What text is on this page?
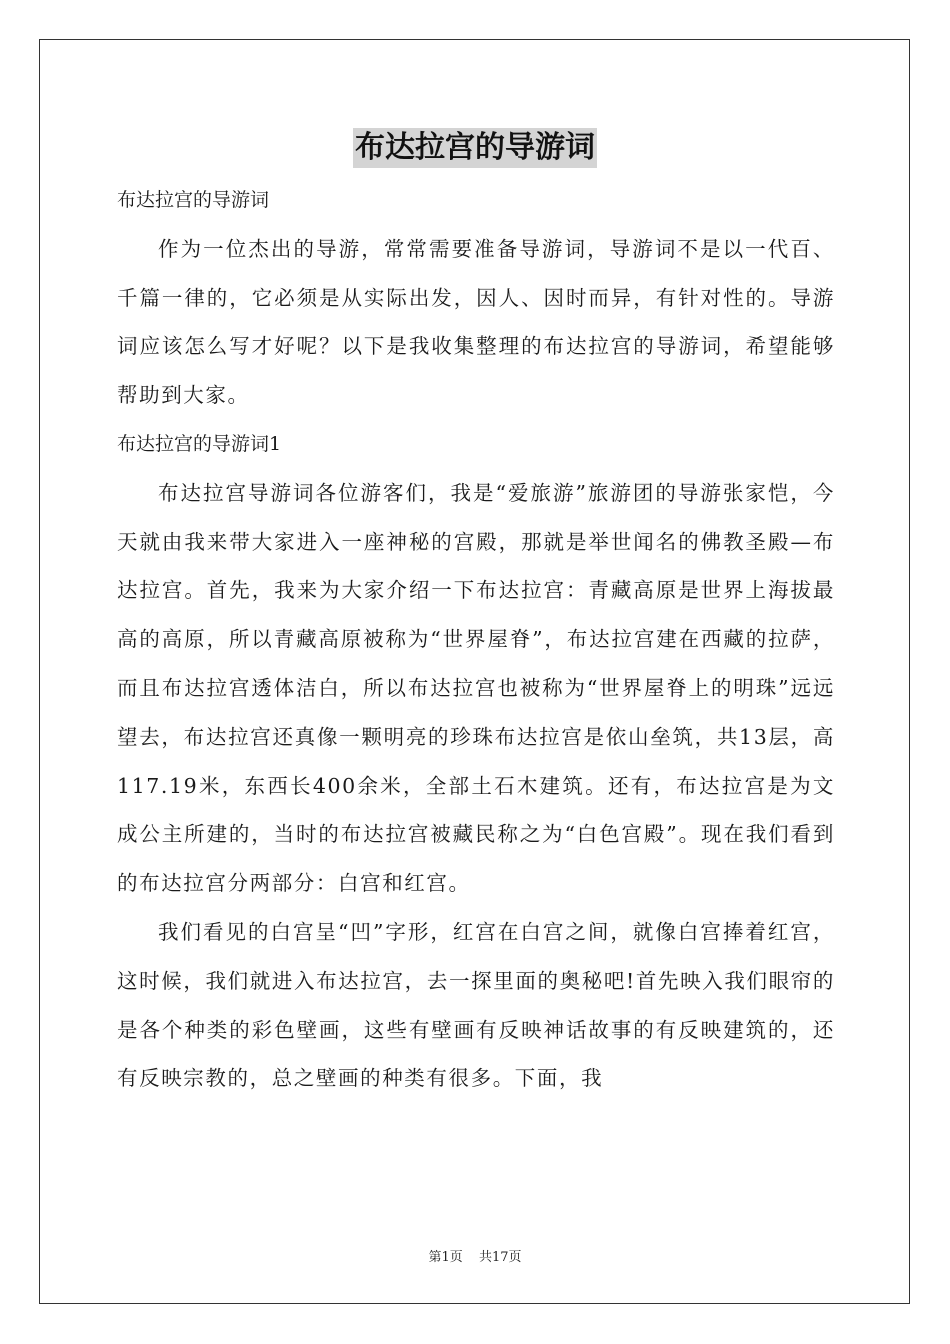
布达拉宫的导游词

布达拉宫的导游词

作为一位杰出的导游，常常需要准备导游词，导游词不是以一代百、千篇一律的，它必须是从实际出发，因人、因时而异，有针对性的。导游词应该怎么写才好呢？以下是我收集整理的布达拉宫的导游词，希望能够帮助到大家。

布达拉宫的导游词1

布达拉宫导游词各位游客们，我是“爱旅游”旅游团的导游张家恺，今天就由我来带大家进入一座神秘的宫殿，那就是举世闻名的佛教圣殿—布达拉宫。首先，我来为大家介绍一下布达拉宫：青藏高原是世界上海拔最高的高原，所以青藏高原被称为“世界屋脊”，布达拉宫建在西藏的拉萨，而且布达拉宫透体洁白，所以布达拉宫也被称为“世界屋脊上的明珠”远远望去，布达拉宫还真像一颗明亮的珍珠布达拉宫是依山垒筑，共13层，高117.19米，东西长400余米，全部土石木建筑。还有，布达拉宫是为文成公主所建的，当时的布达拉宫被藏民称之为“白色宫殿”。现在我们看到的布达拉宫分两部分：白宫和红宫。

我们看见的白宫呈“凹”字形，红宫在白宫之间，就像白宫捧着红宫，这时候，我们就进入布达拉宫，去一探里面的奥秘吧!首先映入我们眼帘的是各个种类的彩色壁画，这些有壁画有反映神话故事的有反映建筑的，还有反映宗教的，总之壁画的种类有很多。下面，我

第1页 共17页
